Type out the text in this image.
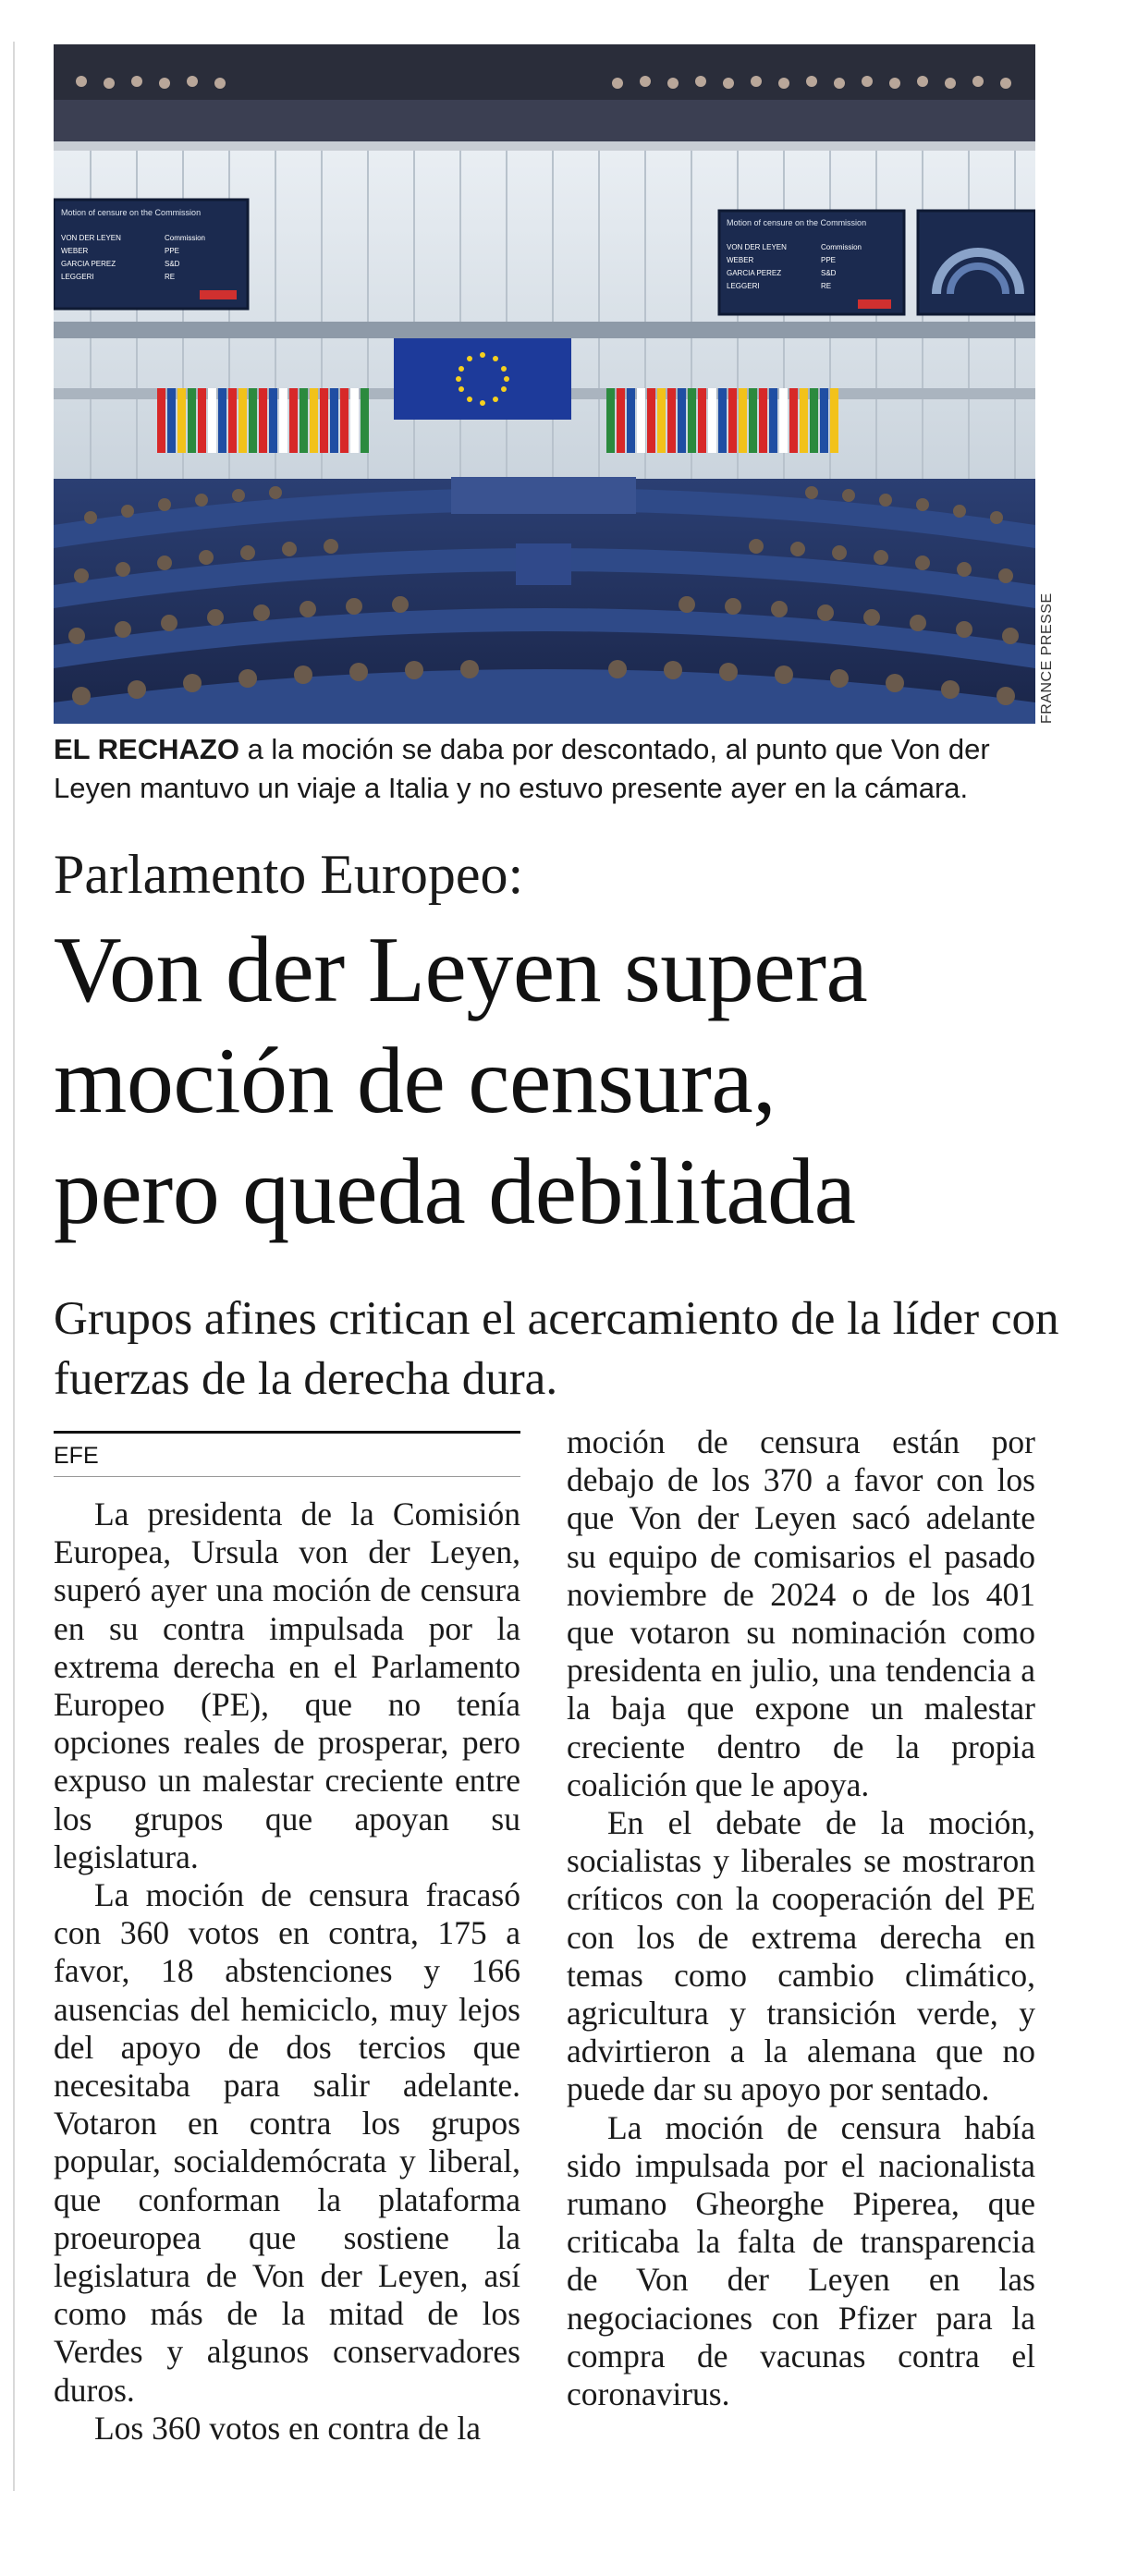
Motion of censure on the Commission
VON DER LEYEN	Commission
WEBER	PPE
GARCIA PEREZ	S&D
LEGGERI	RE
Motion of censure on the Commission
VON DER LEYEN	Commission
WEBER	PPE
GARCIA PEREZ	S&D
LEGGERI	RE
FRANCE PRESSE
EL RECHAZO a la moción se daba por descontado, al punto que Von der Leyen mantuvo un viaje a Italia y no estuvo presente ayer en la cámara.
Parlamento Europeo:
Von der Leyen supera
moción de censura,
pero queda debilitada
Grupos afines critican el acercamiento de la líder con fuerzas de la derecha dura.
EFE

La presidenta de la Comisión Europea, Ursula von der Leyen, superó ayer una moción de censura en su contra impulsada por la extrema derecha en el Parlamento Europeo (PE), que no tenía opciones reales de prosperar, pero expuso un malestar creciente entre los grupos que apoyan su legislatura.

La moción de censura fracasó con 360 votos en contra, 175 a favor, 18 abstenciones y 166 ausencias del hemiciclo, muy lejos del apoyo de dos tercios que necesitaba para salir adelante. Votaron en contra los grupos popular, socialdemócrata y liberal, que conforman la plataforma proeuropea que sostiene la legislatura de Von der Leyen, así como más de la mitad de los Verdes y algunos conservadores duros.

Los 360 votos en contra de la

moción de censura están por debajo de los 370 a favor con los que Von der Leyen sacó adelante su equipo de comisarios el pasado noviembre de 2024 o de los 401 que votaron su nominación como presidenta en julio, una tendencia a la baja que expone un malestar creciente dentro de la propia coalición que le apoya.

En el debate de la moción, socialistas y liberales se mostraron críticos con la cooperación del PE con los de extrema derecha en temas como cambio climático, agricultura y transición verde, y advirtieron a la alemana que no puede dar su apoyo por sentado.

La moción de censura había sido impulsada por el nacionalista rumano Gheorghe Piperea, que criticaba la falta de transparencia de Von der Leyen en las negociaciones con Pfizer para la compra de vacunas contra el coronavirus.
